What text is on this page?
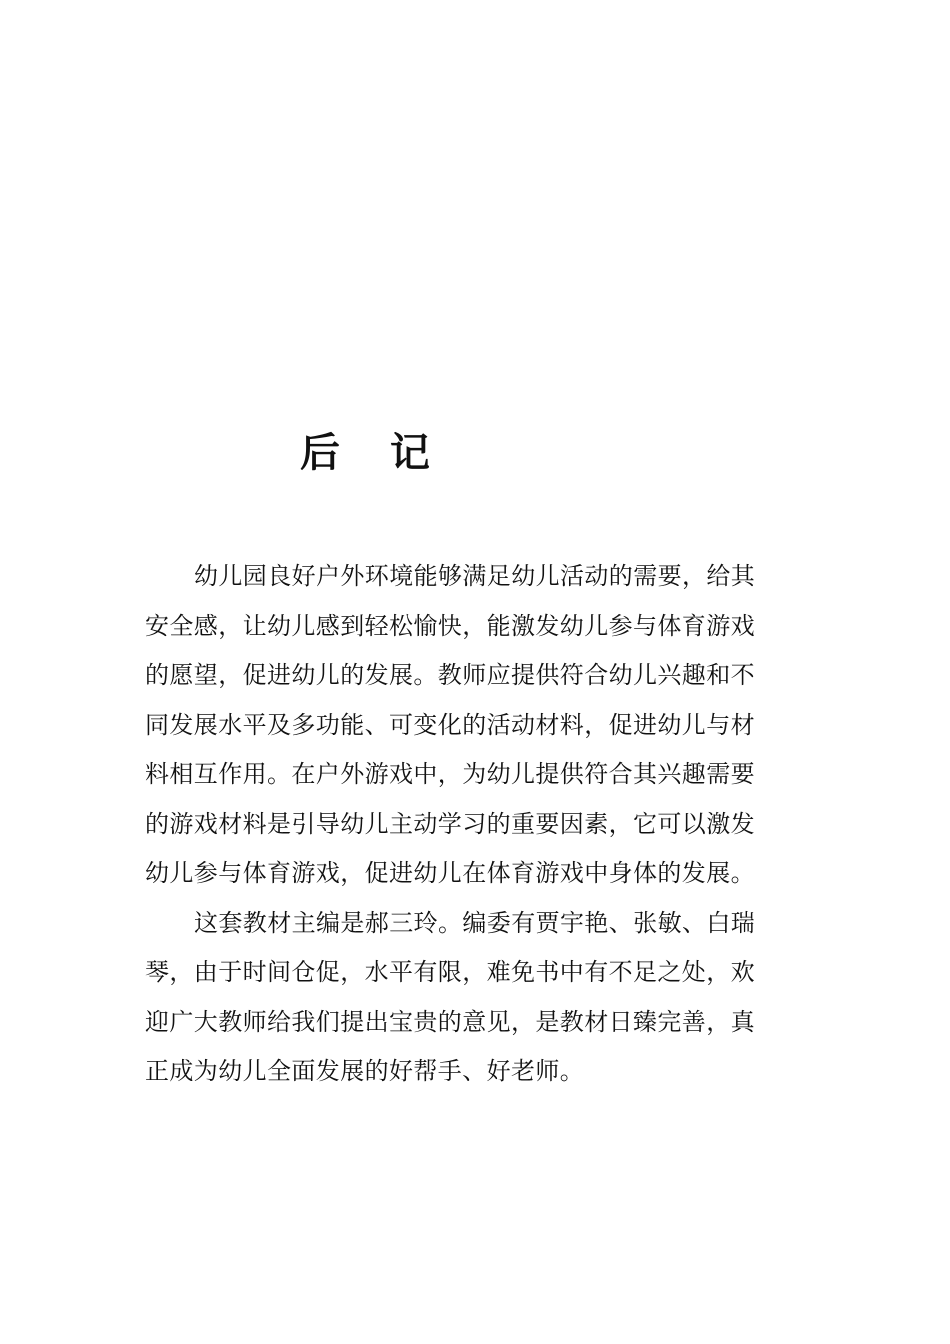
后 记
幼儿园良好户外环境能够满足幼儿活动的需要，给其
安全感，让幼儿感到轻松愉快，能激发幼儿参与体育游戏
的愿望，促进幼儿的发展。教师应提供符合幼儿兴趣和不
同发展水平及多功能、可变化的活动材料，促进幼儿与材
料相互作用。在户外游戏中，为幼儿提供符合其兴趣需要
的游戏材料是引导幼儿主动学习的重要因素，它可以激发
幼儿参与体育游戏，促进幼儿在体育游戏中身体的发展。
这套教材主编是郝三玲。编委有贾宇艳、张敏、白瑞
琴，由于时间仓促，水平有限，难免书中有不足之处，欢
迎广大教师给我们提出宝贵的意见，是教材日臻完善，真
正成为幼儿全面发展的好帮手、好老师。
